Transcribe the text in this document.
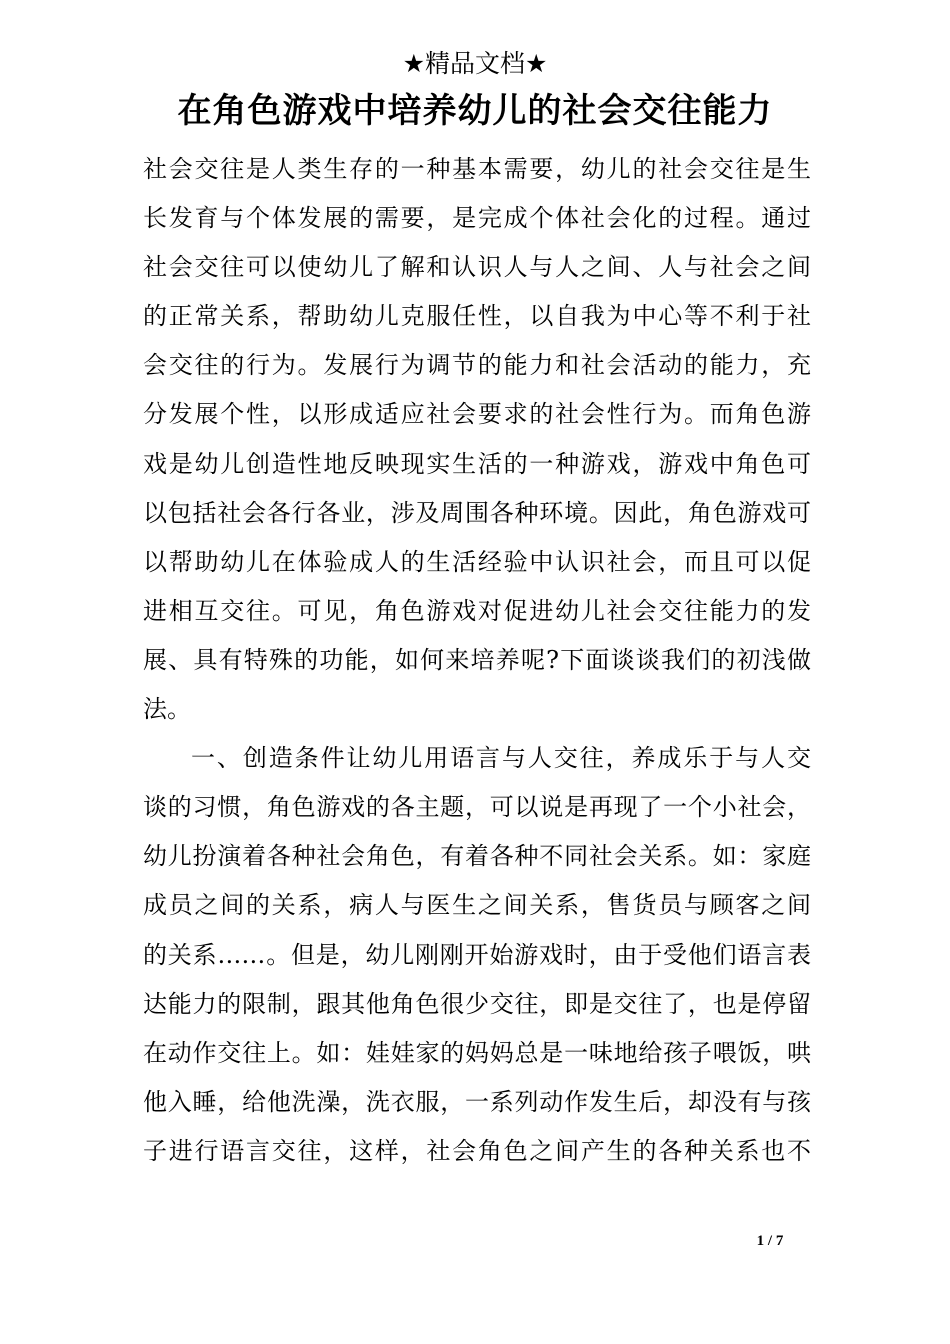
★精品文档★
在角色游戏中培养幼儿的社会交往能力
社会交往是人类生存的一种基本需要，幼儿的社会交往是生
长发育与个体发展的需要，是完成个体社会化的过程。通过
社会交往可以使幼儿了解和认识人与人之间、人与社会之间
的正常关系，帮助幼儿克服任性，以自我为中心等不利于社
会交往的行为。发展行为调节的能力和社会活动的能力，充
分发展个性，以形成适应社会要求的社会性行为。而角色游
戏是幼儿创造性地反映现实生活的一种游戏，游戏中角色可
以包括社会各行各业，涉及周围各种环境。因此，角色游戏可
以帮助幼儿在体验成人的生活经验中认识社会，而且可以促
进相互交往。可见，角色游戏对促进幼儿社会交往能力的发
展、具有特殊的功能，如何来培养呢?下面谈谈我们的初浅做
法。
一、创造条件让幼儿用语言与人交往，养成乐于与人交
谈的习惯，角色游戏的各主题，可以说是再现了一个小社会，
幼儿扮演着各种社会角色，有着各种不同社会关系。如：家庭
成员之间的关系，病人与医生之间关系，售货员与顾客之间
的关系……。但是，幼儿刚刚开始游戏时，由于受他们语言表
达能力的限制，跟其他角色很少交往，即是交往了，也是停留
在动作交往上。如：娃娃家的妈妈总是一味地给孩子喂饭，哄
他入睡，给他洗澡，洗衣服，一系列动作发生后，却没有与孩
子进行语言交往，这样，社会角色之间产生的各种关系也不
1 / 7
